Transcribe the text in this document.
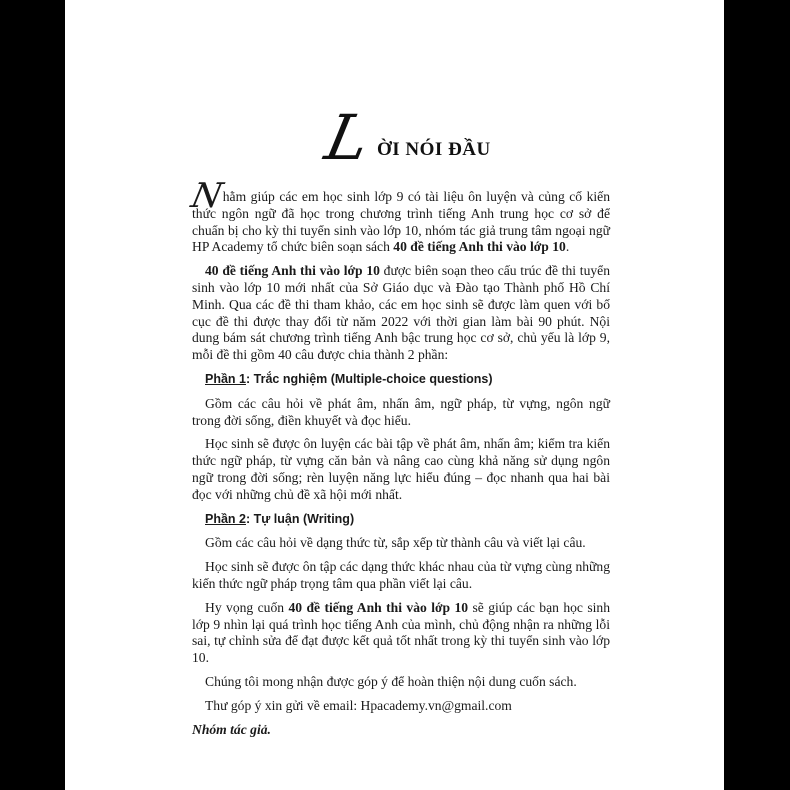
L ỜI NÓI ĐẦU

Nhằm giúp các em học sinh lớp 9 có tài liệu ôn luyện và củng cố kiến thức ngôn ngữ đã học trong chương trình tiếng Anh trung học cơ sở để chuẩn bị cho kỳ thi tuyển sinh vào lớp 10, nhóm tác giả trung tâm ngoại ngữ HP Academy tổ chức biên soạn sách 40 đề tiếng Anh thi vào lớp 10.

40 đề tiếng Anh thi vào lớp 10 được biên soạn theo cấu trúc đề thi tuyển sinh vào lớp 10 mới nhất của Sở Giáo dục và Đào tạo Thành phố Hồ Chí Minh. Qua các đề thi tham khảo, các em học sinh sẽ được làm quen với bố cục đề thi được thay đổi từ năm 2022 với thời gian làm bài 90 phút. Nội dung bám sát chương trình tiếng Anh bậc trung học cơ sở, chủ yếu là lớp 9, mỗi đề thi gồm 40 câu được chia thành 2 phần:

Phần 1: Trắc nghiệm (Multiple-choice questions)

Gồm các câu hỏi về phát âm, nhấn âm, ngữ pháp, từ vựng, ngôn ngữ trong đời sống, điền khuyết và đọc hiểu.

Học sinh sẽ được ôn luyện các bài tập về phát âm, nhấn âm; kiểm tra kiến thức ngữ pháp, từ vựng căn bản và nâng cao cùng khả năng sử dụng ngôn ngữ trong đời sống; rèn luyện năng lực hiểu đúng – đọc nhanh qua hai bài đọc với những chủ đề xã hội mới nhất.

Phần 2: Tự luận (Writing)

Gồm các câu hỏi về dạng thức từ, sắp xếp từ thành câu và viết lại câu.

Học sinh sẽ được ôn tập các dạng thức khác nhau của từ vựng cùng những kiến thức ngữ pháp trọng tâm qua phần viết lại câu.

Hy vọng cuốn 40 đề tiếng Anh thi vào lớp 10 sẽ giúp các bạn học sinh lớp 9 nhìn lại quá trình học tiếng Anh của mình, chủ động nhận ra những lỗi sai, tự chỉnh sửa để đạt được kết quả tốt nhất trong kỳ thi tuyển sinh vào lớp 10.

Chúng tôi mong nhận được góp ý để hoàn thiện nội dung cuốn sách.

Thư góp ý xin gửi về email: Hpacademy.vn@gmail.com

Nhóm tác giả.
